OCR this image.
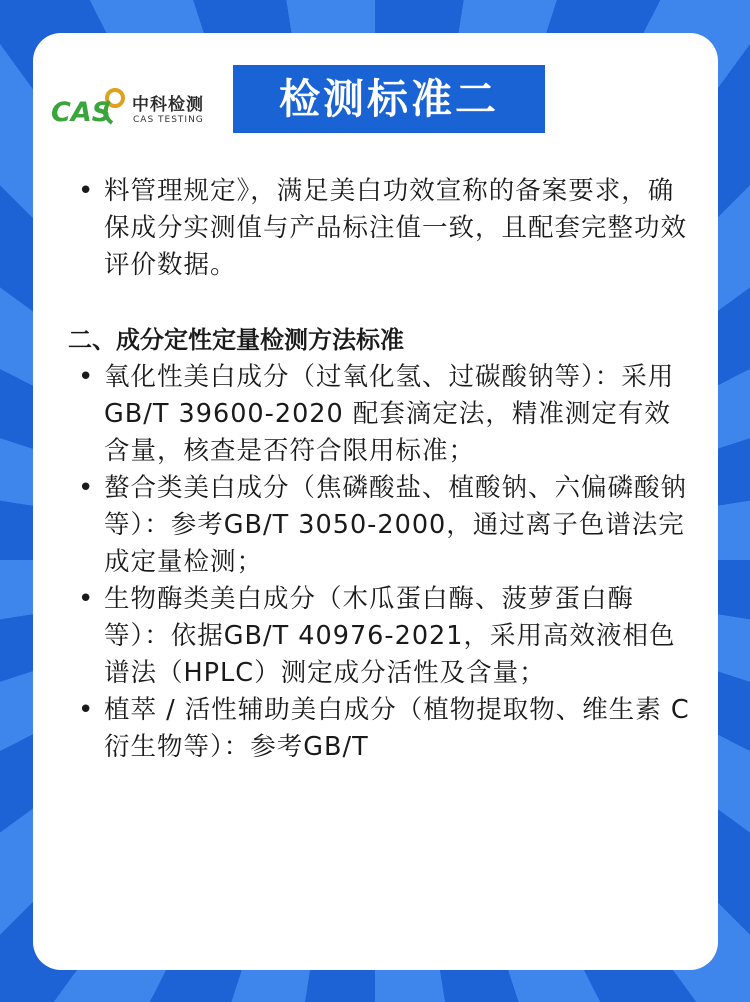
CAS 中科检测
CAS TESTING	检测标准二
• 料管理规定》，满足美白功效宣称的备案要求，确保成分实测值与产品标注值一致，且配套完整功效评价数据。
二、成分定性定量检测方法标准
• 氧化性美白成分（过氧化氢、过碳酸钠等）：采用 GB/T 39600-2020 配套滴定法，精准测定有效含量，核查是否符合限用标准；
• 螯合类美白成分（焦磷酸盐、植酸钠、六偏磷酸钠等）：参考GB/T 3050-2000，通过离子色谱法完成定量检测；
• 生物酶类美白成分（木瓜蛋白酶、菠萝蛋白酶等）：依据GB/T 40976-2021，采用高效液相色谱法（HPLC）测定成分活性及含量；
• 植萃 / 活性辅助美白成分（植物提取物、维生素 C 衍生物等）：参考GB/T
